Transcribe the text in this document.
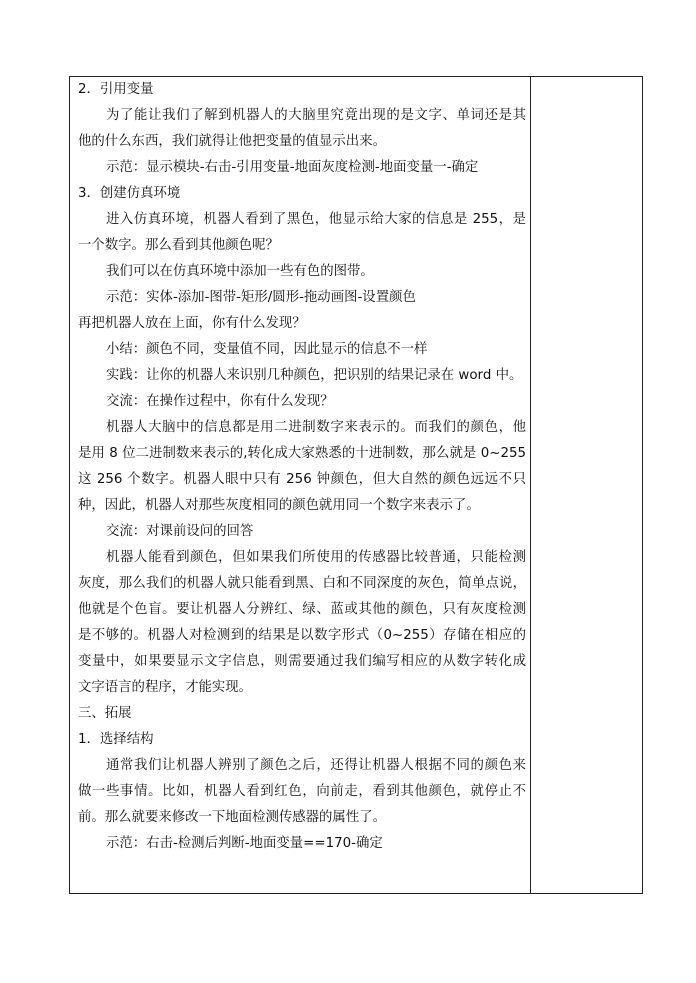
2．引用变量
为了能让我们了解到机器人的大脑里究竟出现的是文字、单词还是其
他的什么东西，我们就得让他把变量的值显示出来。
示范：显示模块-右击-引用变量-地面灰度检测-地面变量一-确定
3．创建仿真环境
进入仿真环境，机器人看到了黑色，他显示给大家的信息是 255，是
一个数字。那么看到其他颜色呢？
我们可以在仿真环境中添加一些有色的图带。
示范：实体-添加-图带-矩形/圆形-拖动画图-设置颜色
再把机器人放在上面，你有什么发现？
小结：颜色不同，变量值不同，因此显示的信息不一样
实践：让你的机器人来识别几种颜色，把识别的结果记录在 word 中。
交流：在操作过程中，你有什么发现？
机器人大脑中的信息都是用二进制数字来表示的。而我们的颜色，他
是用 8 位二进制数来表示的,转化成大家熟悉的十进制数，那么就是 0~255
这 256 个数字。机器人眼中只有 256 钟颜色，但大自然的颜色远远不只
种，因此，机器人对那些灰度相同的颜色就用同一个数字来表示了。
交流：对课前设问的回答
机器人能看到颜色，但如果我们所使用的传感器比较普通，只能检测
灰度，那么我们的机器人就只能看到黑、白和不同深度的灰色，简单点说，
他就是个色盲。要让机器人分辨红、绿、蓝或其他的颜色，只有灰度检测
是不够的。机器人对检测到的结果是以数字形式（0~255）存储在相应的
变量中，如果要显示文字信息，则需要通过我们编写相应的从数字转化成
文字语言的程序，才能实现。
三、拓展
1．选择结构
通常我们让机器人辨别了颜色之后，还得让机器人根据不同的颜色来
做一些事情。比如，机器人看到红色，向前走，看到其他颜色，就停止不
前。那么就要来修改一下地面检测传感器的属性了。
示范：右击-检测后判断-地面变量==170-确定
